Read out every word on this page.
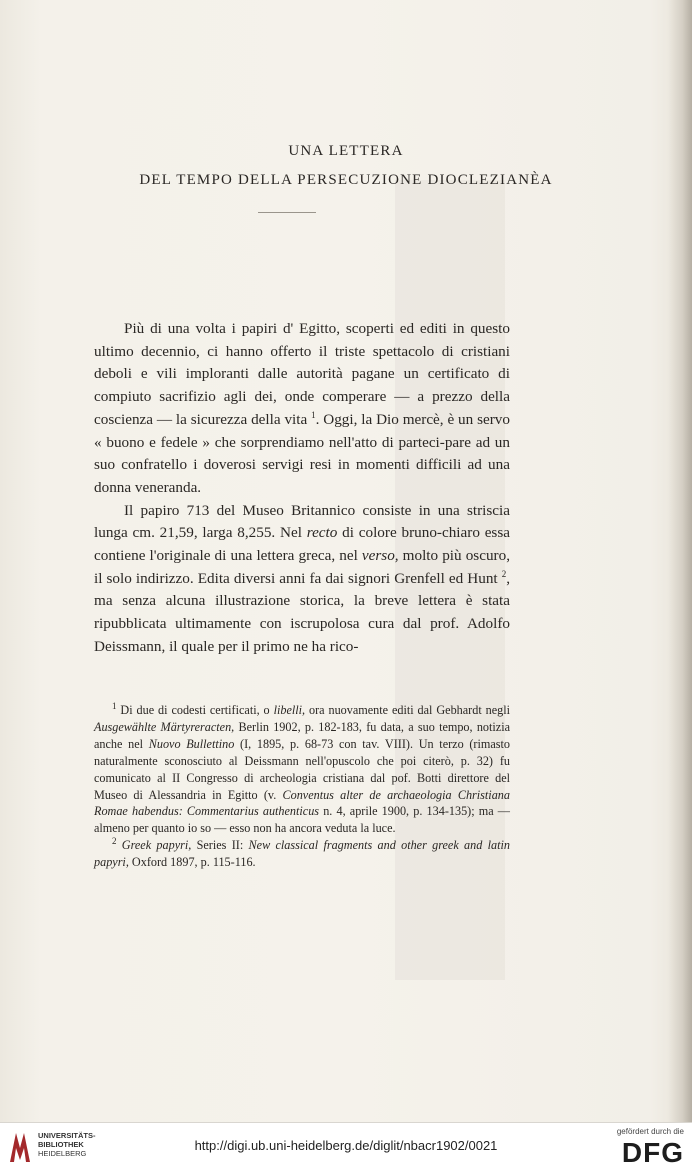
UNA LETTERA
DEL TEMPO DELLA PERSECUZIONE DIOCLEZIANÈA

Più di una volta i papiri d' Egitto, scoperti ed editi in questo ultimo decennio, ci hanno offerto il triste spettacolo di cristiani deboli e vili imploranti dalle autorità pagane un certificato di compiuto sacrifizio agli dei, onde comperare — a prezzo della coscienza — la sicurezza della vita $^1$. Oggi, la Dio mercè, è un servo « buono e fedele » che sorprendiamo nell'atto di parteci-pare ad un suo confratello i doverosi servigi resi in momenti difficili ad una donna veneranda.

Il papiro 713 del Museo Britannico consiste in una striscia lunga cm. 21,59, larga 8,255. Nel recto di colore bruno-chiaro essa contiene l'originale di una lettera greca, nel verso, molto più oscuro, il solo indirizzo. Edita diversi anni fa dai signori Grenfell ed Hunt $^2$, ma senza alcuna illustrazione storica, la breve lettera è stata ripubblicata ultimamente con iscrupolosa cura dal prof. Adolfo Deissmann, il quale per il primo ne ha rico-

$^1$ Di due di codesti certificati, o libelli, ora nuovamente editi dal Gebhardt negli Ausgewählte Märtyreracten, Berlin 1902, p. 182-183, fu data, a suo tempo, notizia anche nel Nuovo Bullettino (I, 1895, p. 68-73 con tav. VIII). Un terzo (rimasto naturalmente sconosciuto al Deissmann nell'opuscolo che poi citerò, p. 32) fu comunicato al II Congresso di archeologia cristiana dal pof. Botti direttore del Museo di Alessandria in Egitto (v. Conventus alter de archaeologia Christiana Romae habendus: Commentarius authenticus n. 4, aprile 1900, p. 134-135); ma — almeno per quanto io so — esso non ha ancora veduta la luce.

$^2$ Greek papyri, Series II: New classical fragments and other greek and latin papyri, Oxford 1897, p. 115-116.

UNIVERSITÄTS-
BIBLIOTHEK
HEIDELBERG
http://digi.ub.uni-heidelberg.de/diglit/nbacr1902/0021
gefördert durch die
DFG
